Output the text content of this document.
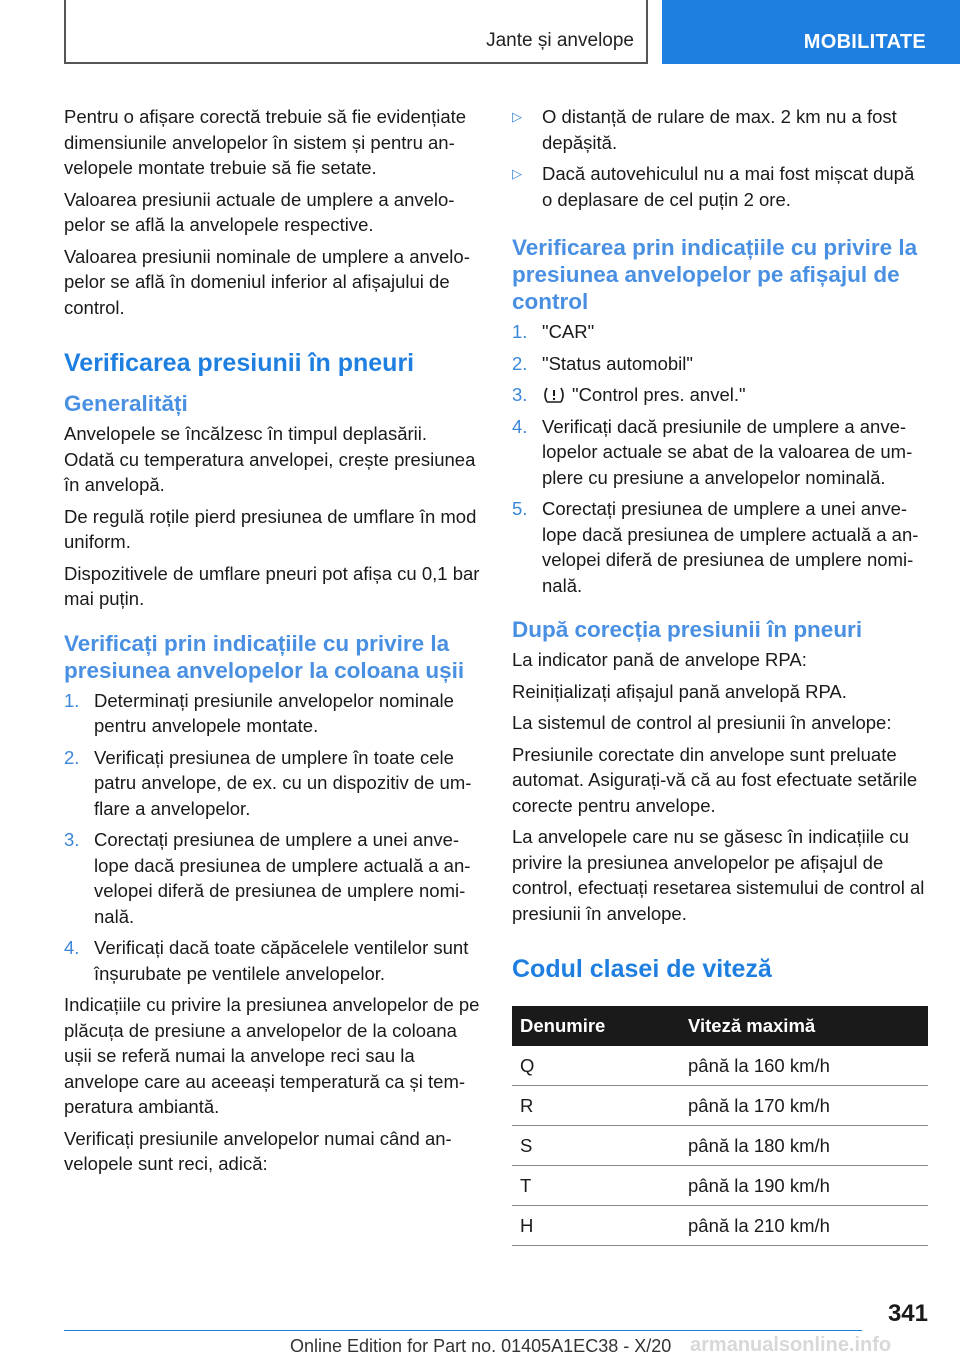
Jante și anvelope	MOBILITATE

Pentru o afișare corectă trebuie să fie evidențiate dimensiunile anvelopelor în sistem și pentru anvelopele montate trebuie să fie setate.

Valoarea presiunii actuale de umplere a anvelopelor se află la anvelopele respective.

Valoarea presiunii nominale de umplere a anvelopelor se află în domeniul inferior al afișajului de control.

Verificarea presiunii în pneuri
Generalități

Anvelopele se încălzesc în timpul deplasării. Odată cu temperatura anvelopei, crește presiunea în anvelopă.

De regulă roțile pierd presiunea de umflare în mod uniform.

Dispozitivele de umflare pneuri pot afișa cu 0,1 bar mai puțin.

Verificați prin indicațiile cu privire la presiunea anvelopelor la coloana ușii
1. Determinați presiunile anvelopelor nominale pentru anvelopele montate.
2. Verificați presiunea de umplere în toate cele patru anvelope, de ex. cu un dispozitiv de umflare a anvelopelor.
3. Corectați presiunea de umplere a unei anvelope dacă presiunea de umplere actuală a anvelopei diferă de presiunea de umplere nominală.
4. Verificați dacă toate căpăcelele ventilelor sunt înșurubate pe ventilele anvelopelor.

Indicațiile cu privire la presiunea anvelopelor de pe plăcuța de presiune a anvelopelor de la coloana ușii se referă numai la anvelope reci sau la anvelope care au aceeași temperatură ca și temperatura ambiantă.

Verificați presiunile anvelopelor numai când anvelopele sunt reci, adică:

▷ O distanță de rulare de max. 2 km nu a fost depășită.
▷ Dacă autovehiculul nu a mai fost mișcat după o deplasare de cel puțin 2 ore.
Verificarea prin indicațiile cu privire la presiunea anvelopelor pe afișajul de control
1. "CAR"
2. "Status automobil"
3. "Control pres. anvel."
4. Verificați dacă presiunile de umplere a anvelopelor actuale se abat de la valoarea de umplere cu presiune a anvelopelor nominală.
5. Corectați presiunea de umplere a unei anvelope dacă presiunea de umplere actuală a anvelopei diferă de presiunea de umplere nominală.
După corecția presiunii în pneuri

La indicator pană de anvelope RPA:

Reinițializați afișajul pană anvelopă RPA.

La sistemul de control al presiunii în anvelope:

Presiunile corectate din anvelope sunt preluate automat. Asigurați-vă că au fost efectuate setările corecte pentru anvelope.

La anvelopele care nu se găsesc în indicațiile cu privire la presiunea anvelopelor pe afișajul de control, efectuați resetarea sistemului de control al presiunii în anvelope.

Codul clasei de viteză
Denumire	Viteză maximă
Q	până la 160 km/h
R	până la 170 km/h
S	până la 180 km/h
T	până la 190 km/h
H	până la 210 km/h
341
Online Edition for Part no. 01405A1EC38 - X/20 armanualsonline.info
